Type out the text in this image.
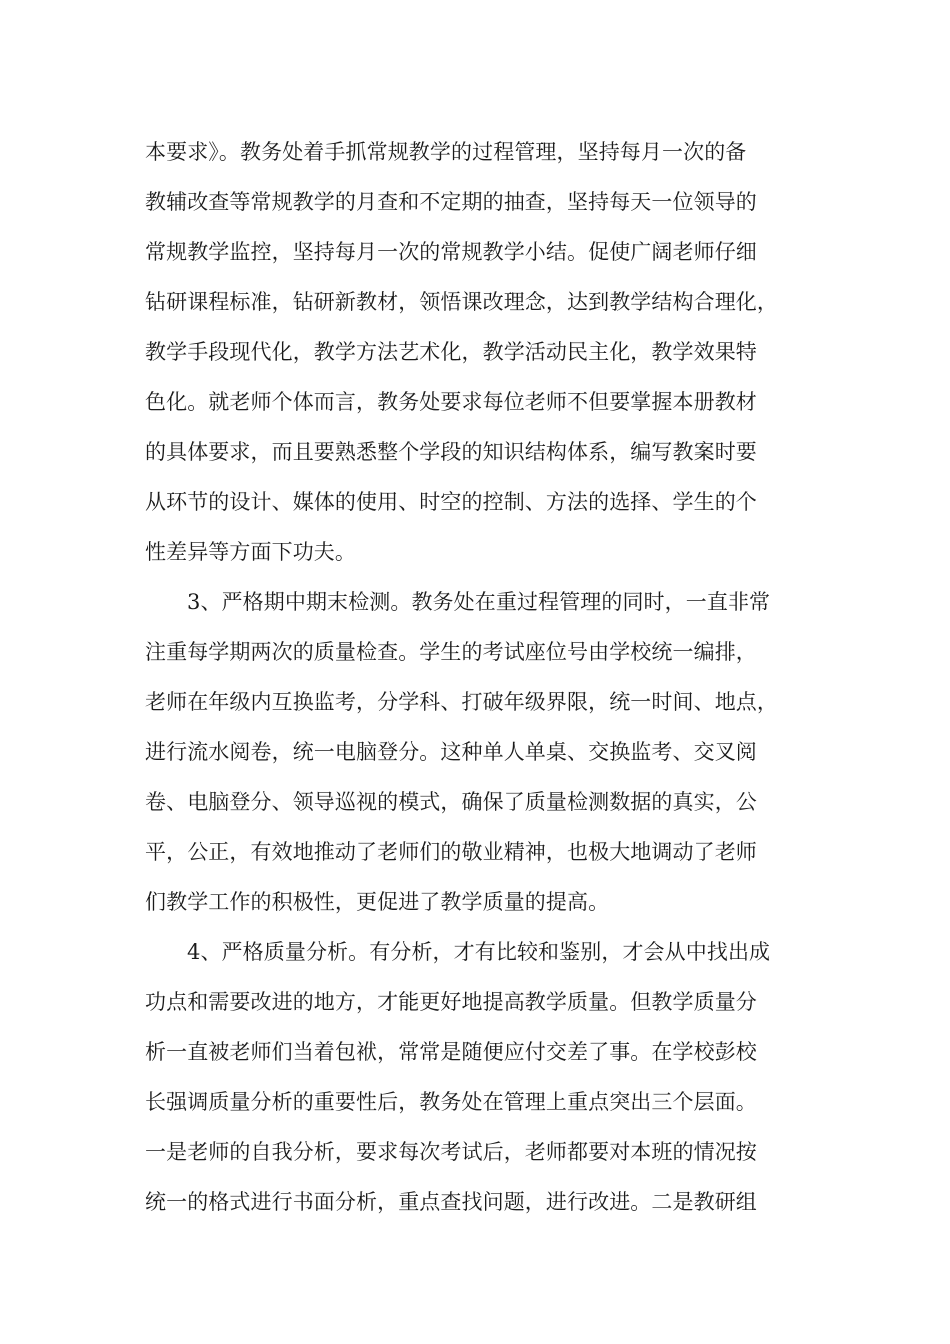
本要求》。教务处着手抓常规教学的过程管理，坚持每月一次的备
教辅改查等常规教学的月查和不定期的抽查，坚持每天一位领导的
常规教学监控，坚持每月一次的常规教学小结。促使广阔老师仔细
钻研课程标准，钻研新教材，领悟课改理念，达到教学结构合理化，
教学手段现代化，教学方法艺术化，教学活动民主化，教学效果特
色化。就老师个体而言，教务处要求每位老师不但要掌握本册教材
的具体要求，而且要熟悉整个学段的知识结构体系，编写教案时要
从环节的设计、媒体的使用、时空的控制、方法的选择、学生的个
性差异等方面下功夫。
3、严格期中期末检测。教务处在重过程管理的同时，一直非常
注重每学期两次的质量检查。学生的考试座位号由学校统一编排，
老师在年级内互换监考，分学科、打破年级界限，统一时间、地点，
进行流水阅卷，统一电脑登分。这种单人单桌、交换监考、交叉阅
卷、电脑登分、领导巡视的模式，确保了质量检测数据的真实，公
平，公正，有效地推动了老师们的敬业精神，也极大地调动了老师
们教学工作的积极性，更促进了教学质量的提高。
4、严格质量分析。有分析，才有比较和鉴别，才会从中找出成
功点和需要改进的地方，才能更好地提高教学质量。但教学质量分
析一直被老师们当着包袱，常常是随便应付交差了事。在学校彭校
长强调质量分析的重要性后，教务处在管理上重点突出三个层面。
一是老师的自我分析，要求每次考试后，老师都要对本班的情况按
统一的格式进行书面分析，重点查找问题，进行改进。二是教研组
